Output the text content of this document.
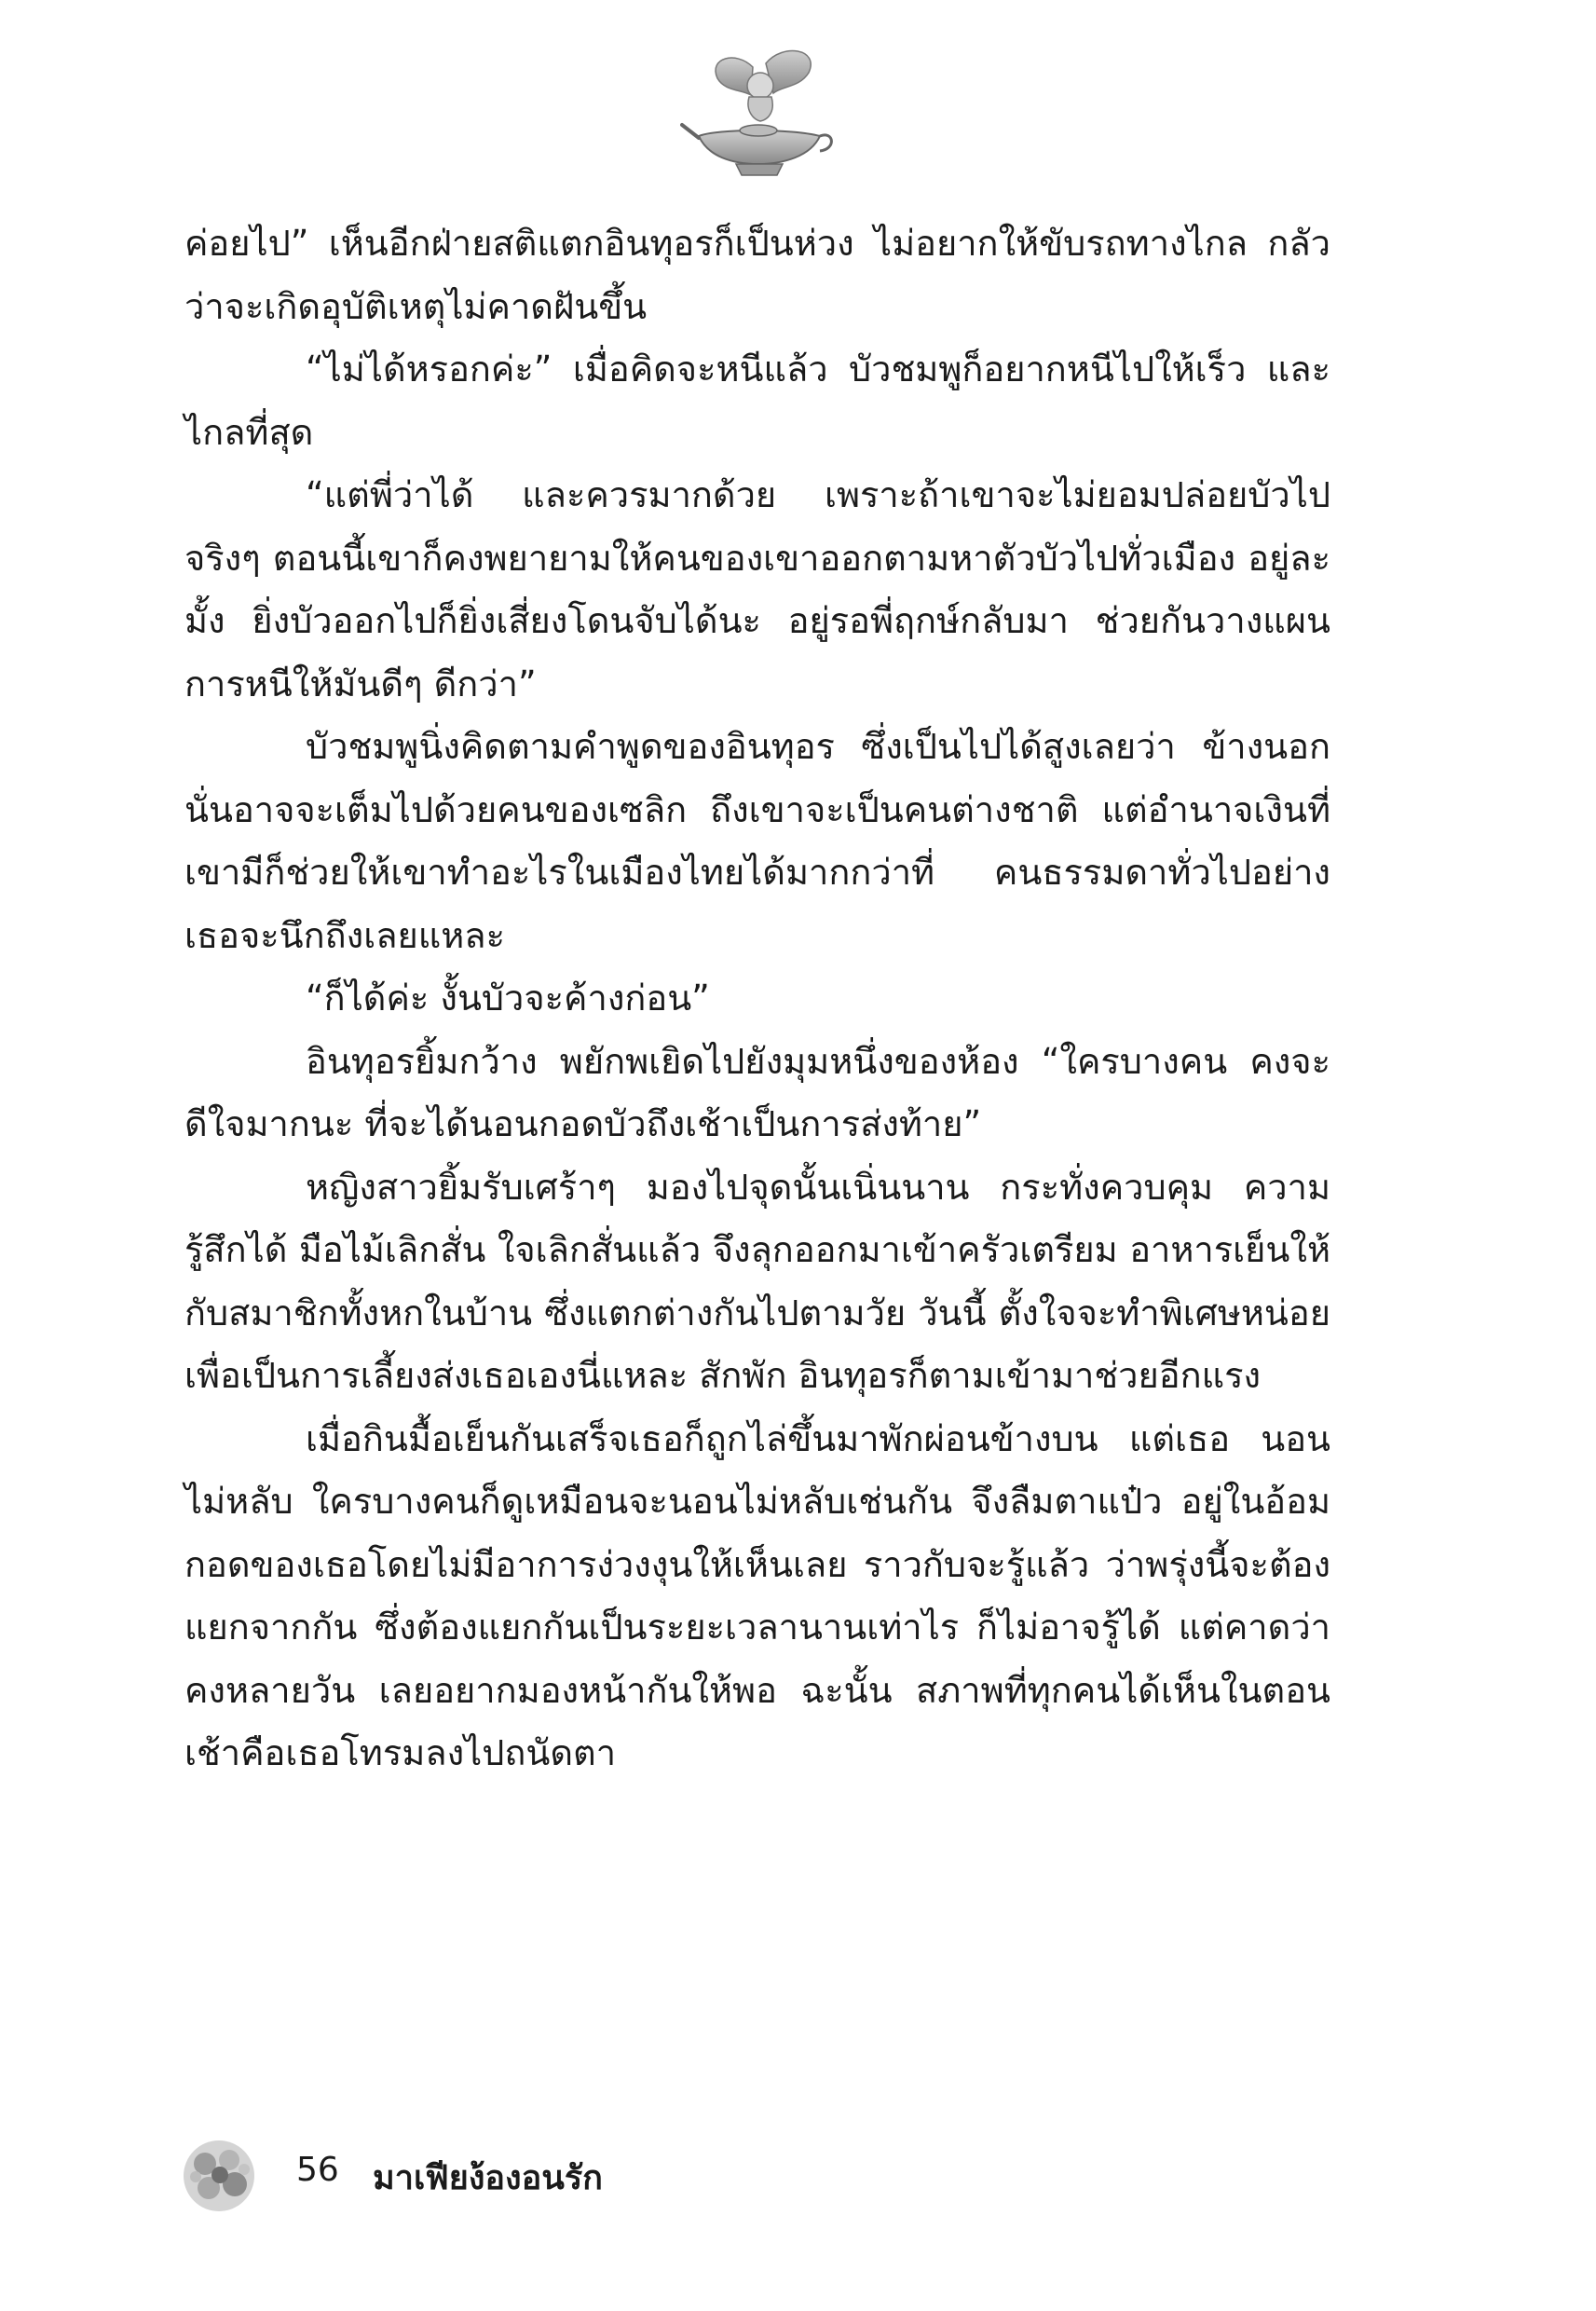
ค่อยไป” เห็นอีกฝ่ายสติแตกอินทุอรก็เป็นห่วง ไม่อยากให้ขับรถทางไกล กลัวว่าจะเกิดอุบัติเหตุไม่คาดฝันขึ้น

“ไม่ได้หรอกค่ะ” เมื่อคิดจะหนีแล้ว บัวชมพูก็อยากหนีไปให้เร็ว และไกลที่สุด

“แต่พี่ว่าได้ และควรมากด้วย เพราะถ้าเขาจะไม่ยอมปล่อยบัวไป จริงๆ ตอนนี้เขาก็คงพยายามให้คนของเขาออกตามหาตัวบัวไปทั่วเมือง อยู่ละมั้ง ยิ่งบัวออกไปก็ยิ่งเสี่ยงโดนจับได้นะ อยู่รอพี่ฤกษ์กลับมา ช่วยกันวางแผนการหนีให้มันดีๆ ดีกว่า”

บัวชมพูนิ่งคิดตามคำพูดของอินทุอร ซึ่งเป็นไปได้สูงเลยว่า ข้างนอกนั่นอาจจะเต็มไปด้วยคนของเซลิก ถึงเขาจะเป็นคนต่างชาติ แต่อำนาจเงินที่เขามีก็ช่วยให้เขาทำอะไรในเมืองไทยได้มากกว่าที่ คนธรรมดาทั่วไปอย่างเธอจะนึกถึงเลยแหละ

“ก็ได้ค่ะ งั้นบัวจะค้างก่อน”

อินทุอรยิ้มกว้าง พยักพเยิดไปยังมุมหนึ่งของห้อง “ใครบางคน คงจะดีใจมากนะ ที่จะได้นอนกอดบัวถึงเช้าเป็นการส่งท้าย”

หญิงสาวยิ้มรับเศร้าๆ มองไปจุดนั้นเนิ่นนาน กระทั่งควบคุม ความรู้สึกได้ มือไม้เลิกสั่น ใจเลิกสั่นแล้ว จึงลุกออกมาเข้าครัวเตรียม อาหารเย็นให้กับสมาชิกทั้งหกในบ้าน ซึ่งแตกต่างกันไปตามวัย วันนี้ ตั้งใจจะทำพิเศษหน่อยเพื่อเป็นการเลี้ยงส่งเธอเองนี่แหละ สักพัก อินทุอรก็ตามเข้ามาช่วยอีกแรง

เมื่อกินมื้อเย็นกันเสร็จเธอก็ถูกไล่ขึ้นมาพักผ่อนข้างบน แต่เธอ นอนไม่หลับ ใครบางคนก็ดูเหมือนจะนอนไม่หลับเช่นกัน จึงลืมตาแป๋ว อยู่ในอ้อมกอดของเธอโดยไม่มีอาการง่วงงุนให้เห็นเลย ราวกับจะรู้แล้ว ว่าพรุ่งนี้จะต้องแยกจากกัน ซึ่งต้องแยกกันเป็นระยะเวลานานเท่าไร ก็ไม่อาจรู้ได้ แต่คาดว่าคงหลายวัน เลยอยากมองหน้ากันให้พอ ฉะนั้น สภาพที่ทุกคนได้เห็นในตอนเช้าคือเธอโทรมลงไปถนัดตา

56 มาเฟียง้องอนรัก
